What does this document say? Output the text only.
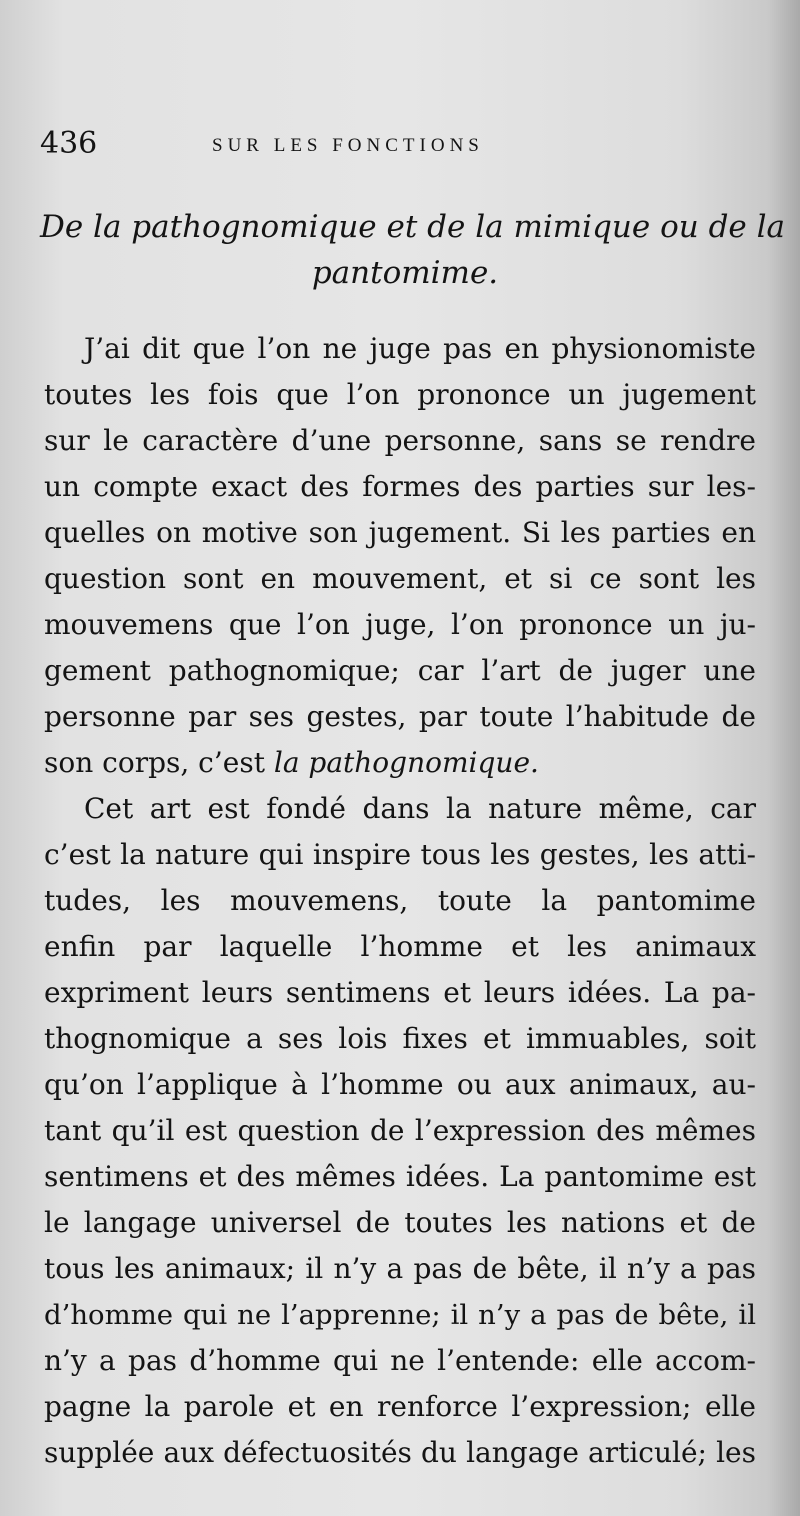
436	SUR LES FONCTIONS
De la pathognomique et de la mimique ou de la
pantomime.
J’ai dit que l’on ne juge pas en physionomiste
toutes les fois que l’on prononce un jugement
sur le caractère d’une personne, sans se rendre
un compte exact des formes des parties sur les-
quelles on motive son jugement. Si les parties en
question sont en mouvement, et si ce sont les
mouvemens que l’on juge, l’on prononce un ju-
gement pathognomique; car l’art de juger une
personne par ses gestes, par toute l’habitude de
son corps, c’est la pathognomique.
Cet art est fondé dans la nature même, car
c’est la nature qui inspire tous les gestes, les atti-
tudes, les mouvemens, toute la pantomime
enfin par laquelle l’homme et les animaux
expriment leurs sentimens et leurs idées. La pa-
thognomique a ses lois fixes et immuables, soit
qu’on l’applique à l’homme ou aux animaux, au-
tant qu’il est question de l’expression des mêmes
sentimens et des mêmes idées. La pantomime est
le langage universel de toutes les nations et de
tous les animaux; il n’y a pas de bête, il n’y a pas
d’homme qui ne l’apprenne; il n’y a pas de bête, il
n’y a pas d’homme qui ne l’entende: elle accom-
pagne la parole et en renforce l’expression; elle
supplée aux défectuosités du langage articulé; les
